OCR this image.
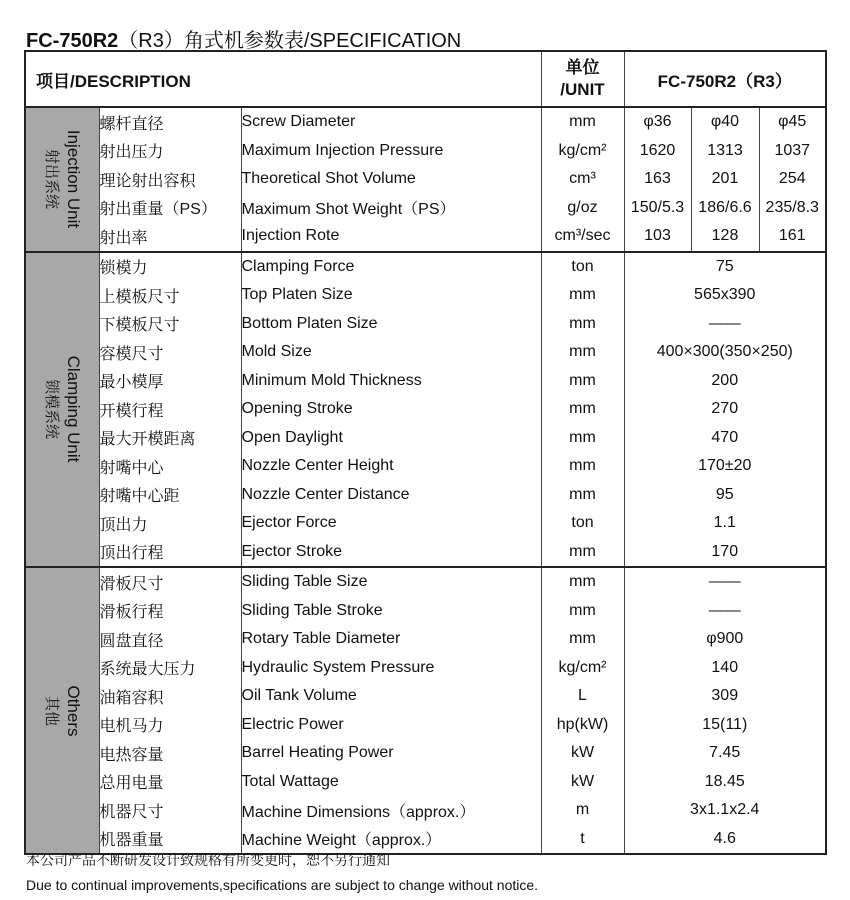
FC-750R2（R3）角式机参数表/SPECIFICATION
项目/DESCRIPTION			单位
/UNIT	FC-750R2（R3）		

Injection Unit
射出系统	螺杆直径	Screw Diameter	mm	φ36	φ40	φ45
	射出压力	Maximum Injection Pressure	kg/cm²	1620	1313	1037
	理论射出容积	Theoretical Shot Volume	cm³	163	201	254
	射出重量（PS）	Maximum Shot Weight（PS）	g/oz	150/5.3	186/6.6	235/8.3
	射出率	Injection Rote	cm³/sec	103	128	161

Clamping Unit
锁模系统	锁模力	Clamping Force	ton	75		
	上模板尺寸	Top Platen Size	mm	565x390		
	下模板尺寸	Bottom Platen Size	mm	——		
	容模尺寸	Mold Size	mm	400×300(350×250)		
	最小模厚	Minimum Mold Thickness	mm	200		
	开模行程	Opening Stroke	mm	270		
	最大开模距离	Open Daylight	mm	470		
	射嘴中心	Nozzle Center Height	mm	170±20		
	射嘴中心距	Nozzle Center Distance	mm	95		
	顶出力	Ejector Force	ton	1.1		
	顶出行程	Ejector Stroke	mm	170		

Others
其他	滑板尺寸	Sliding Table Size	mm	——		
	滑板行程	Sliding Table Stroke	mm	——		
	圆盘直径	Rotary Table Diameter	mm	φ900		
	系统最大压力	Hydraulic System Pressure	kg/cm²	140		
	油箱容积	Oil Tank Volume	L	309		
	电机马力	Electric Power	hp(kW)	15(11)		
	电热容量	Barrel Heating Power	kW	7.45		
	总用电量	Total Wattage	kW	18.45		
	机器尺寸	Machine Dimensions（approx.）	m	3x1.1x2.4		
	机器重量	Machine Weight（approx.）	t	4.6		
本公司产品不断研发设计致规格有所变更时，恕不另行通知
Due to continual improvements,specifications are subject to change without notice.
